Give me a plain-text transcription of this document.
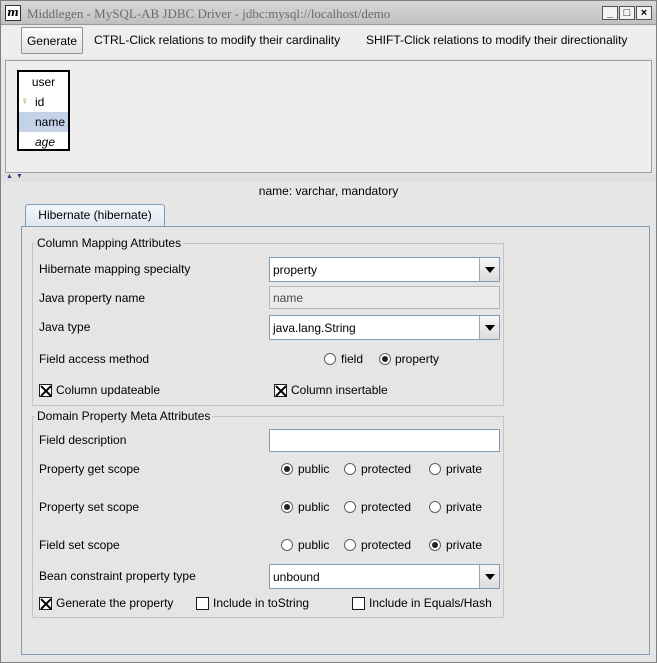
m Middlegen - MySQL-AB JDBC Driver - jdbc:mysql://localhost/demo	_ □ ×
Generate	CTRL-Click relations to modify their cardinality SHIFT-Click relations to modify their directionality
user
♀ id
name
age
▲ ▼
name: varchar, mandatory
Hibernate (hibernate)
Column Mapping Attributes
Hibernate mapping specialty	property
Java property name	name
Java type	java.lang.String
Field access method	field	property
Column updateable	Column insertable
Domain Property Meta Attributes
Field description
Property get scope	public	protected	private
Property set scope	public	protected	private
Field set scope	public	protected	private
Bean constraint property type	unbound
Generate the property	Include in toString	Include in Equals/Hash
